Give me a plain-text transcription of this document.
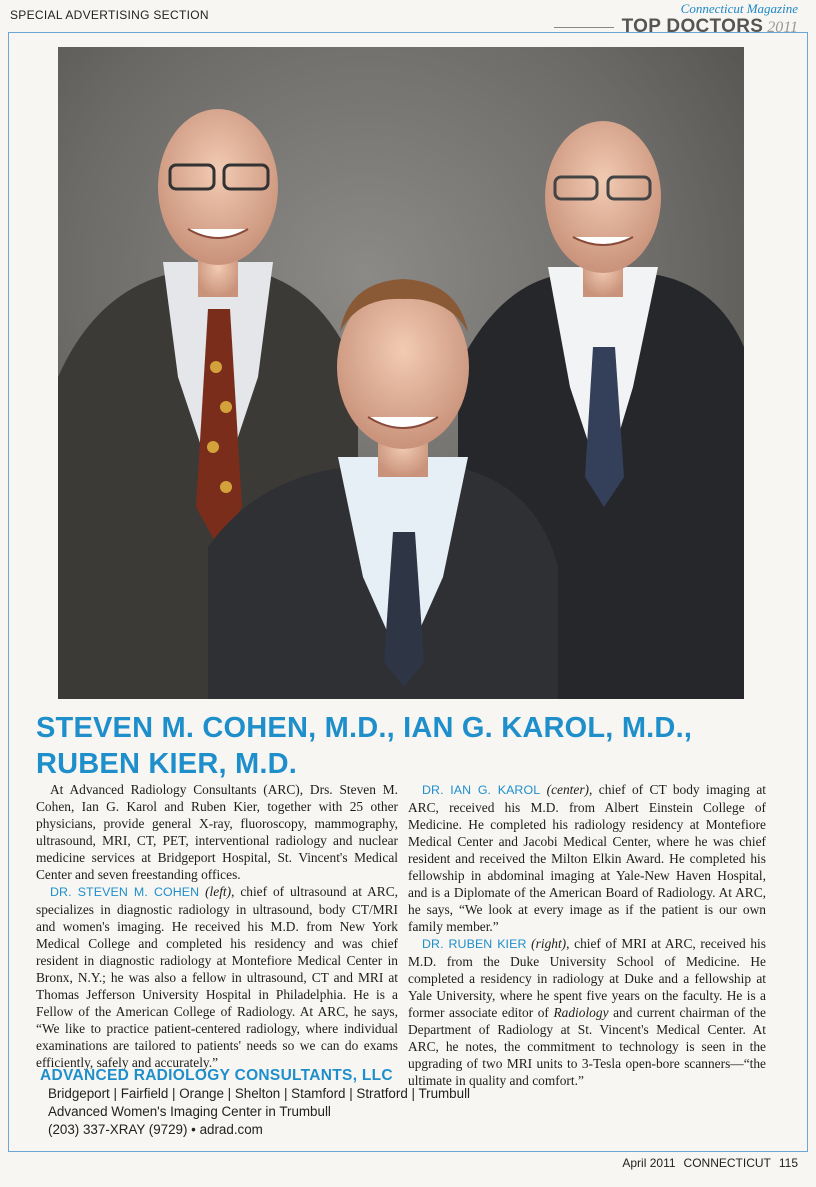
SPECIAL ADVERTISING SECTION	Connecticut Magazine
TOP DOCTORS 2011
STEVEN M. COHEN, M.D., IAN G. KAROL, M.D.,
RUBEN KIER, M.D.

At Advanced Radiology Consultants (ARC), Drs. Steven M. Cohen, Ian G. Karol and Ruben Kier, together with 25 other physicians, provide general X-ray, fluoroscopy, mammography, ultrasound, MRI, CT, PET, interventional radiology and nuclear medicine services at Bridgeport Hospital, St. Vincent's Medical Center and seven freestanding offices.

DR. STEVEN M. COHEN (left), chief of ultrasound at ARC, specializes in diagnostic radiology in ultrasound, body CT/MRI and women's imaging. He received his M.D. from New York Medical College and completed his residency and was chief resident in diagnostic radiology at Montefiore Medical Center in Bronx, N.Y.; he was also a fellow in ultrasound, CT and MRI at Thomas Jefferson University Hospital in Philadelphia. He is a Fellow of the American College of Radiology. At ARC, he says, “We like to practice patient-centered radiology, where individual examinations are tailored to patients' needs so we can do exams efficiently, safely and accurately.”

DR. IAN G. KAROL (center), chief of CT body imaging at ARC, received his M.D. from Albert Einstein College of Medicine. He completed his radiology residency at Montefiore Medical Center and Jacobi Medical Center, where he was chief resident and received the Milton Elkin Award. He completed his fellowship in abdominal imaging at Yale-New Haven Hospital, and is a Diplomate of the American Board of Radiology. At ARC, he says, “We look at every image as if the patient is our own family member.”

DR. RUBEN KIER (right), chief of MRI at ARC, received his M.D. from the Duke University School of Medicine. He completed a residency in radiology at Duke and a fellowship at Yale University, where he spent five years on the faculty. He is a former associate editor of Radiology and current chairman of the Department of Radiology at St. Vincent's Medical Center. At ARC, he notes, the commitment to technology is seen in the upgrading of two MRI units to 3-Tesla open-bore scanners—“the ultimate in quality and comfort.”

ADVANCED RADIOLOGY CONSULTANTS, LLC
Bridgeport | Fairfield | Orange | Shelton | Stamford | Stratford | Trumbull
Advanced Women's Imaging Center in Trumbull
(203) 337-XRAY (9729) • adrad.com
April 2011 CONNECTICUT 115
